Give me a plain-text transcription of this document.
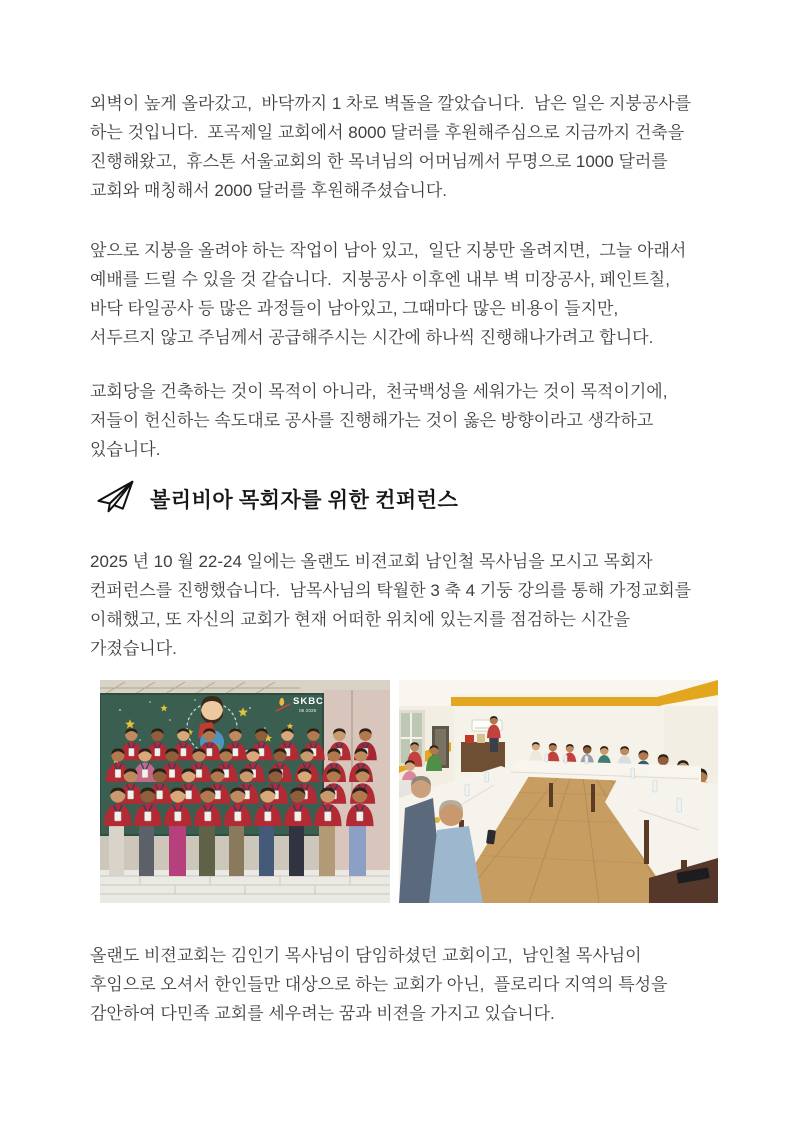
외벽이 높게 올라갔고,  바닥까지 1 차로 벽돌을 깔았습니다.  남은 일은 지붕공사를
하는 것입니다.  포곡제일 교회에서 8000 달러를 후원해주심으로 지금까지 건축을
진행해왔고,  휴스톤 서울교회의 한 목녀님의 어머님께서 무명으로 1000 달러를
교회와 매칭해서 2000 달러를 후원해주셨습니다.
앞으로 지붕을 올려야 하는 작업이 남아 있고,  일단 지붕만 올려지면,  그늘 아래서
예배를 드릴 수 있을 것 같습니다.  지붕공사 이후엔 내부 벽 미장공사, 페인트칠,
바닥 타일공사 등 많은 과정들이 남아있고, 그때마다 많은 비용이 들지만,
서두르지 않고 주님께서 공급해주시는 시간에 하나씩 진행해나가려고 합니다.
교회당을 건축하는 것이 목적이 아니라,  천국백성을 세워가는 것이 목적이기에,
저들이 헌신하는 속도대로 공사를 진행해가는 것이 옳은 방향이라고 생각하고
있습니다.
볼리비아 목회자를 위한 컨퍼런스
2025 년 10 월 22-24 일에는 올랜도 비젼교회 남인철 목사님을 모시고 목회자
컨퍼런스를 진행했습니다.  남목사님의 탁월한 3 축 4 기둥 강의를 통해 가정교회를
이해했고, 또 자신의 교회가 현재 어떠한 위치에 있는지를 점검하는 시간을
가졌습니다.
SKBC
06 2025
올랜도 비젼교회는 김인기 목사님이 담임하셨던 교회이고,  남인철 목사님이
후임으로 오셔서 한인들만 대상으로 하는 교회가 아닌,  플로리다 지역의 특성을
감안하여 다민족 교회를 세우려는 꿈과 비젼을 가지고 있습니다.
